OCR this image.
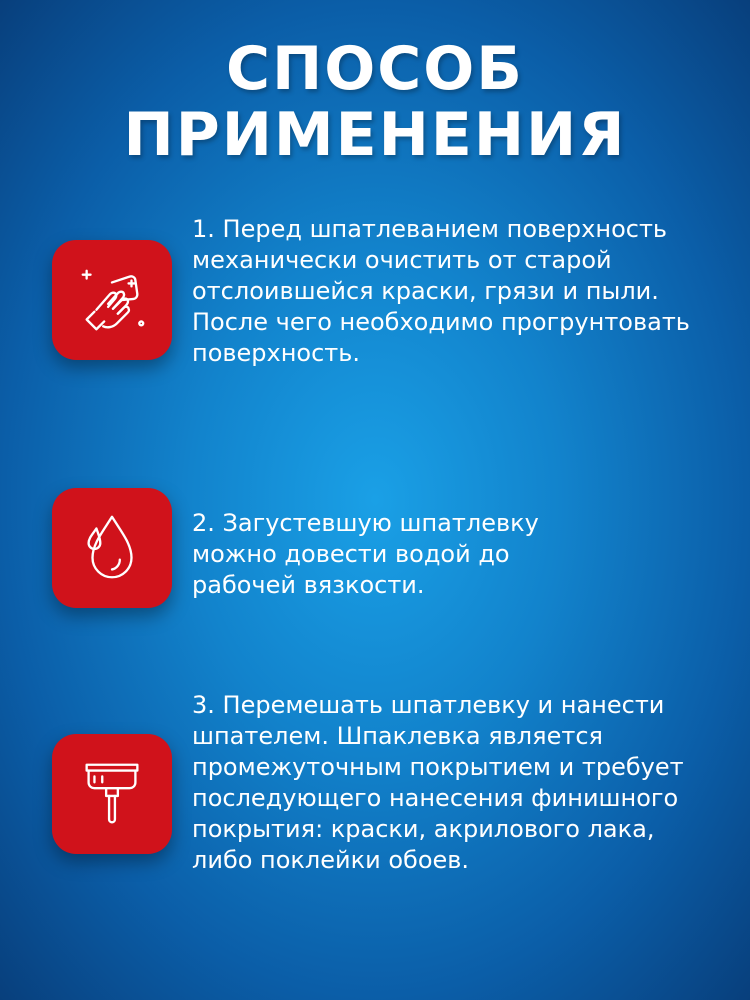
СПОСОБ
ПРИМЕНЕНИЯ

1. Перед шпатлеванием поверхность механически очистить от старой отслоившейся краски, грязи и пыли. После чего необходимо прогрунтовать поверхность.

2. Загустевшую шпатлевку можно довести водой до рабочей вязкости.

3. Перемешать шпатлевку и нанести шпателем. Шпаклевка является промежуточным покрытием и требует последующего нанесения финишного покрытия: краски, акрилового лака, либо поклейки обоев.
